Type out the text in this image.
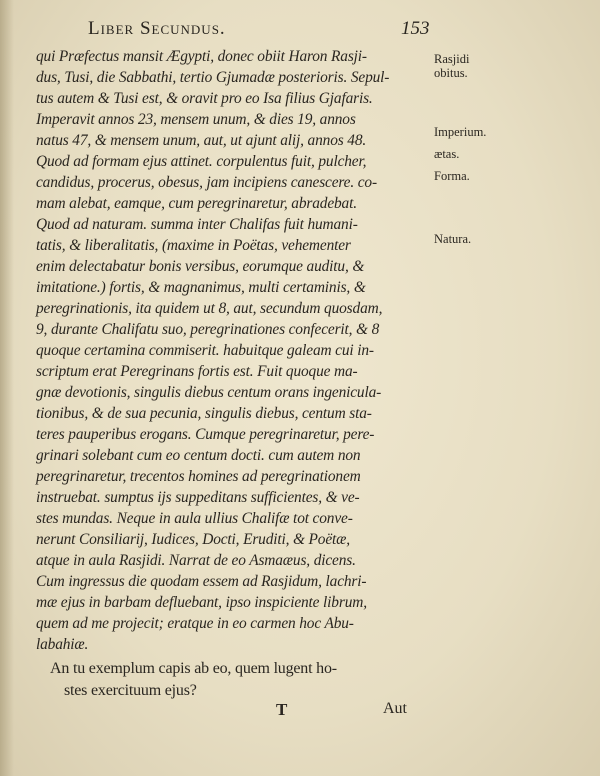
Liber Secundus.	153
qui Præfectus mansit Ægypti, donec obiit Haron Rasji-
dus, Tusi, die Sabbathi, tertio Gjumadæ posterioris. Sepul-
tus autem & Tusi est, & oravit pro eo Isa filius Gjafaris.
Imperavit annos 23, mensem unum, & dies 19, annos
natus 47, & mensem unum, aut, ut ajunt alij, annos 48.
Quod ad formam ejus attinet. corpulentus fuit, pulcher,
candidus, procerus, obesus, jam incipiens canescere. co-
mam alebat, eamque, cum peregrinaretur, abradebat.
Quod ad naturam. summa inter Chalifas fuit humani-
tatis, & liberalitatis, (maxime in Poëtas, vehementer
enim delectabatur bonis versibus, eorumque auditu, &
imitatione.) fortis, & magnanimus, multi certaminis, &
peregrinationis, ita quidem ut 8, aut, secundum quosdam,
9, durante Chalifatu suo, peregrinationes confecerit, & 8
quoque certamina commiserit. habuitque galeam cui in-
scriptum erat Peregrinans fortis est. Fuit quoque ma-
gnæ devotionis, singulis diebus centum orans ingenicula-
tionibus, & de sua pecunia, singulis diebus, centum sta-
teres pauperibus erogans. Cumque peregrinaretur, pere-
grinari solebant cum eo centum docti. cum autem non
peregrinaretur, trecentos homines ad peregrinationem
instruebat. sumptus ijs suppeditans sufficientes, & ve-
stes mundas. Neque in aula ullius Chalifæ tot conve-
nerunt Consiliarij, Iudices, Docti, Eruditi, & Poëtæ,
atque in aula Rasjidi. Narrat de eo Asmaæus, dicens.
Cum ingressus die quodam essem ad Rasjidum, lachri-
mæ ejus in barbam defluebant, ipso inspiciente librum,
quem ad me projecit; eratque in eo carmen hoc Abu-
labahiæ.
An tu exemplum capis ab eo, quem lugent ho-
stes exercituum ejus?
Rasjidi obitus.
Imperium.
ætas.
Forma.
Natura.
T	Aut
